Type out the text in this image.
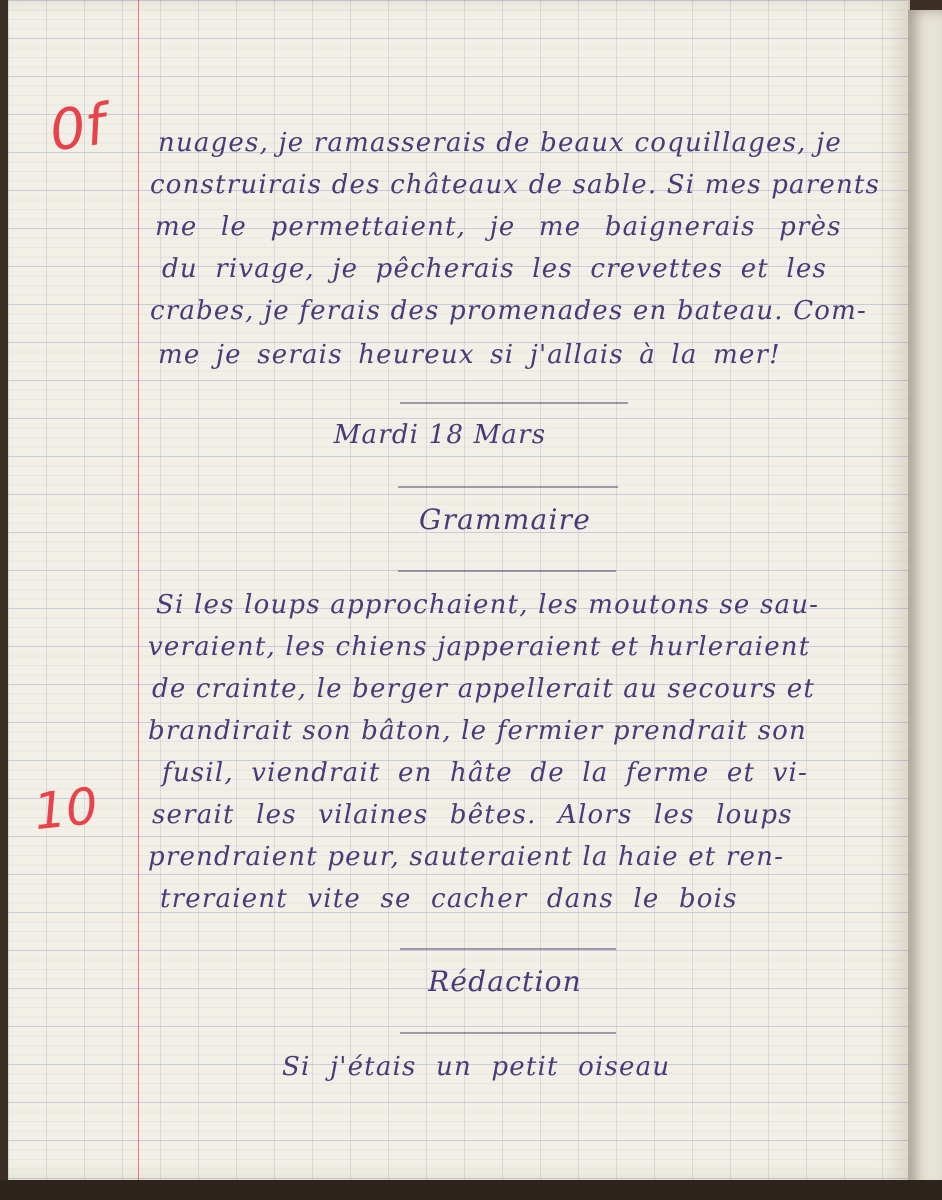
0f
10

nuages, je ramasserais de beaux coquillages, je

construirais des châteaux de sable. Si mes parents

me le permettaient, je me baignerais près

du rivage, je pêcherais les crevettes et les

crabes, je ferais des promenades en bateau. Com-

me je serais heureux si j'allais à la mer!

Mardi 18 Mars

Grammaire

Si les loups approchaient, les moutons se sau-

veraient, les chiens japperaient et hurleraient

de crainte, le berger appellerait au secours et

brandirait son bâton, le fermier prendrait son

fusil, viendrait en hâte de la ferme et vi-

serait les vilaines bêtes. Alors les loups

prendraient peur, sauteraient la haie et ren-

treraient vite se cacher dans le bois

Rédaction

Si j'étais un petit oiseau
